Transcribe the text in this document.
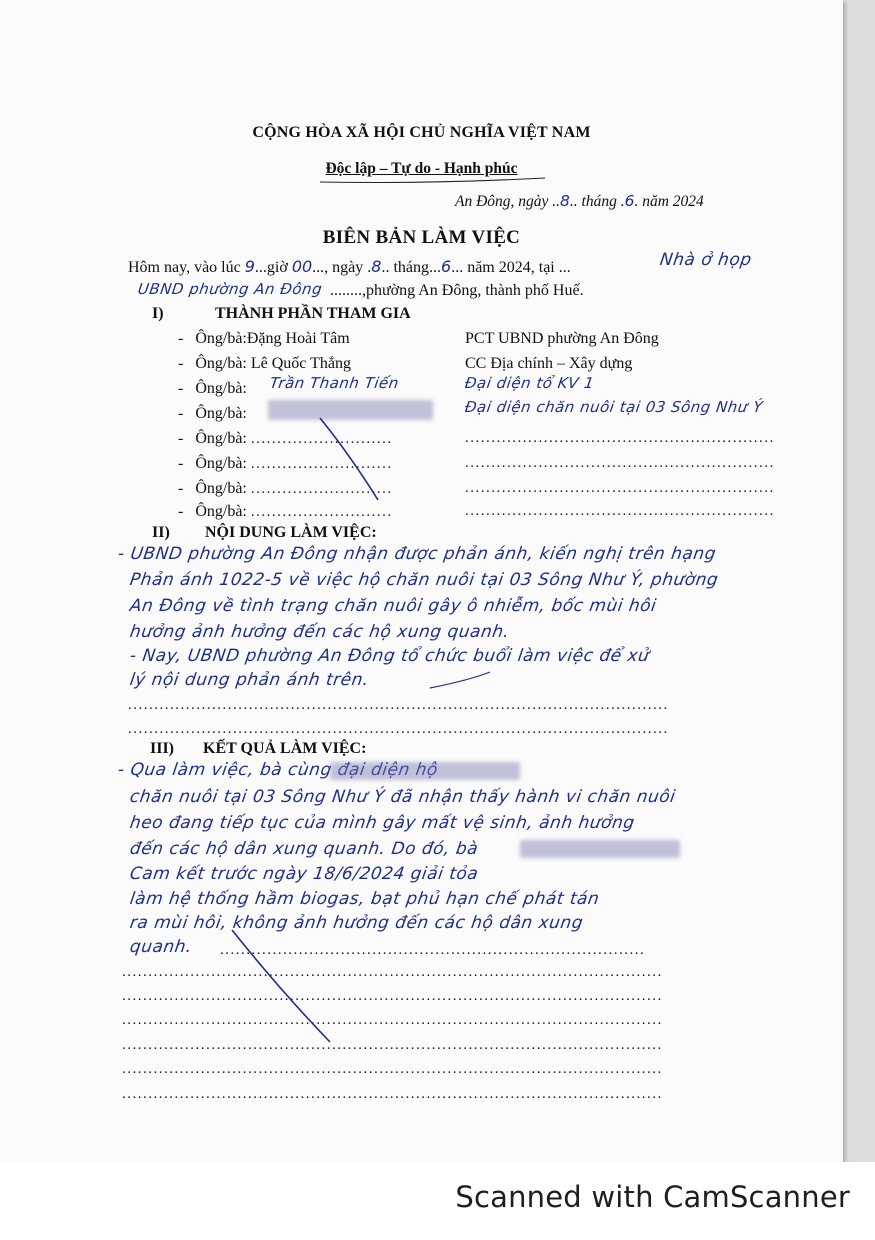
CỘNG HÒA XÃ HỘI CHỦ NGHĨA VIỆT NAM
Độc lập – Tự do - Hạnh phúc
An Đông, ngày ..8.. tháng .6. năm 2024
BIÊN BẢN LÀM VIỆC
Hôm nay, vào lúc 9...giờ 00..., ngày .8.. tháng...6... năm 2024, tại ...	Nhà ở họp
UBND phường An Đông ........,phường An Đông, thành phố Huế.
I)	THÀNH PHẦN THAM GIA
-   Ông/bà:Đặng Hoài Tâm	PCT UBND phường An Đông
-   Ông/bà: Lê Quốc Thắng	CC Địa chính – Xây dựng
-   Ông/bà: Trần Thanh Tiến	Đại diện tổ KV 1
-   Ông/bà:	Đại diện chăn nuôi tại 03 Sông Như Ý
-   Ông/bà: ...........................	...........................................................
-   Ông/bà: ...........................	...........................................................
-   Ông/bà: ...........................	...........................................................
-   Ông/bà: ...........................	...........................................................
II) NỘI DUNG LÀM VIỆC:
- UBND phường An Đông nhận được phản ánh, kiến nghị trên hạng
Phản ánh 1022-5 về việc hộ chăn nuôi tại 03 Sông Như Ý, phường
An Đông về tình trạng chăn nuôi gây ô nhiễm, bốc mùi hôi
hưởng ảnh hưởng đến các hộ xung quanh.
- Nay, UBND phường An Đông tổ chức buổi làm việc để xử
lý nội dung phản ánh trên.
.......................................................................................................
.......................................................................................................
III) KẾT QUẢ LÀM VIỆC:
- Qua làm việc, bà cùng đại diện hộ
chăn nuôi tại 03 Sông Như Ý đã nhận thấy hành vi chăn nuôi
heo đang tiếp tục của mình gây mất vệ sinh, ảnh hưởng
đến các hộ dân xung quanh. Do đó, bà
Cam kết trước ngày 18/6/2024 giải tỏa
làm hệ thống hầm biogas, bạt phủ hạn chế phát tán
ra mùi hôi, không ảnh hưởng đến các hộ dân xung
quanh. .................................................................................
.......................................................................................................
.......................................................................................................
.......................................................................................................
.......................................................................................................
.......................................................................................................
.......................................................................................................
Scanned with CamScanner
